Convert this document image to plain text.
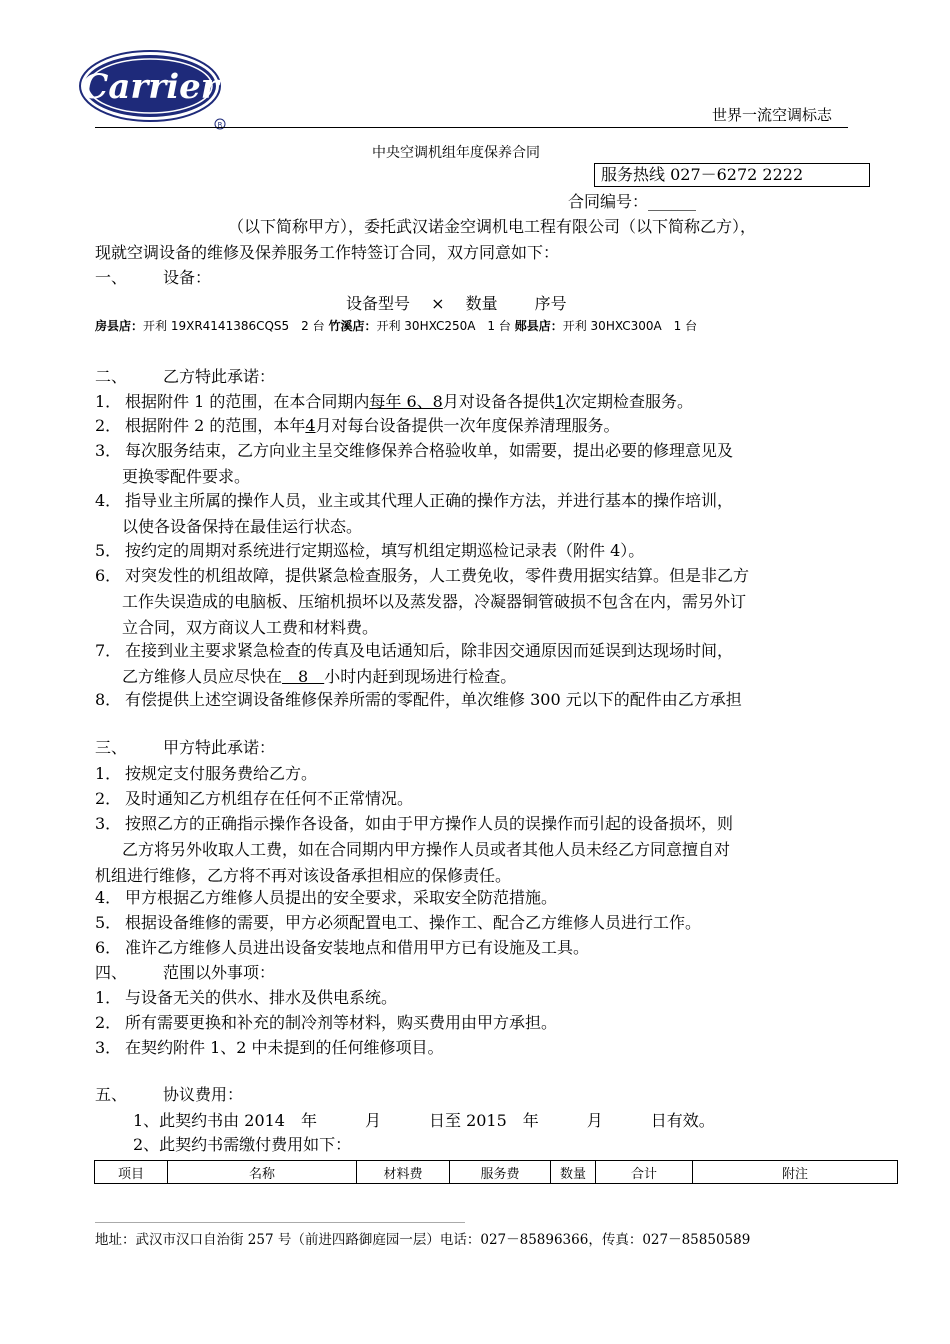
Carrier
R
世界一流空调标志
中央空调机组年度保养合同
服务热线 027－6272 2222
合同编号：______
（以下简称甲方），委托武汉诺金空调机电工程有限公司（以下简称乙方），
现就空调设备的维修及保养服务工作特签订合同，双方同意如下：
一、 设备：
设备型号 　×　 数量 　　序号
房县店：开利 19XR4141386CQS5　2 台 竹溪店：开利 30HXC250A　1 台 郧县店：开利 30HXC300A　1 台
二、 乙方特此承诺：
1． 根据附件 1 的范围，在本合同期内每年 6、8月对设备各提供1次定期检查服务。
2． 根据附件 2 的范围，本年4月对每台设备提供一次年度保养清理服务。
3． 每次服务结束，乙方向业主呈交维修保养合格验收单，如需要，提出必要的修理意见及
更换零配件要求。
4． 指导业主所属的操作人员，业主或其代理人正确的操作方法，并进行基本的操作培训，
以使各设备保持在最佳运行状态。
5． 按约定的周期对系统进行定期巡检，填写机组定期巡检记录表（附件 4）。
6． 对突发性的机组故障，提供紧急检查服务，人工费免收，零件费用据实结算。但是非乙方
工作失误造成的电脑板、压缩机损坏以及蒸发器，冷凝器铜管破损不包含在内，需另外订
立合同，双方商议人工费和材料费。
7． 在接到业主要求紧急检查的传真及电话通知后，除非因交通原因而延误到达现场时间，
乙方维修人员应尽快在　8　小时内赶到现场进行检查。
8． 有偿提供上述空调设备维修保养所需的零配件，单次维修 300 元以下的配件由乙方承担
三、 甲方特此承诺：
1． 按规定支付服务费给乙方。
2． 及时通知乙方机组存在任何不正常情况。
3． 按照乙方的正确指示操作各设备，如由于甲方操作人员的误操作而引起的设备损坏，则
乙方将另外收取人工费，如在合同期内甲方操作人员或者其他人员未经乙方同意擅自对
机组进行维修，乙方将不再对该设备承担相应的保修责任。
4． 甲方根据乙方维修人员提出的安全要求，采取安全防范措施。
5． 根据设备维修的需要，甲方必须配置电工、操作工、配合乙方维修人员进行工作。
6． 准许乙方维修人员进出设备安装地点和借用甲方已有设施及工具。
四、 范围以外事项：
1． 与设备无关的供水、排水及供电系统。
2． 所有需要更换和补充的制冷剂等材料，购买费用由甲方承担。
3． 在契约附件 1、2 中未提到的任何维修项目。
五、 协议费用：
1、此契约书由 2014　年　　　月　　　日至 2015　年　　　月　　　日有效。
2、此契约书需缴付费用如下：
项目	名称	材料费	服务费	数量	合计	附注
地址：武汉市汉口自治街 257 号（前进四路御庭园一层）电话：027－85896366，传真：027－85850589
